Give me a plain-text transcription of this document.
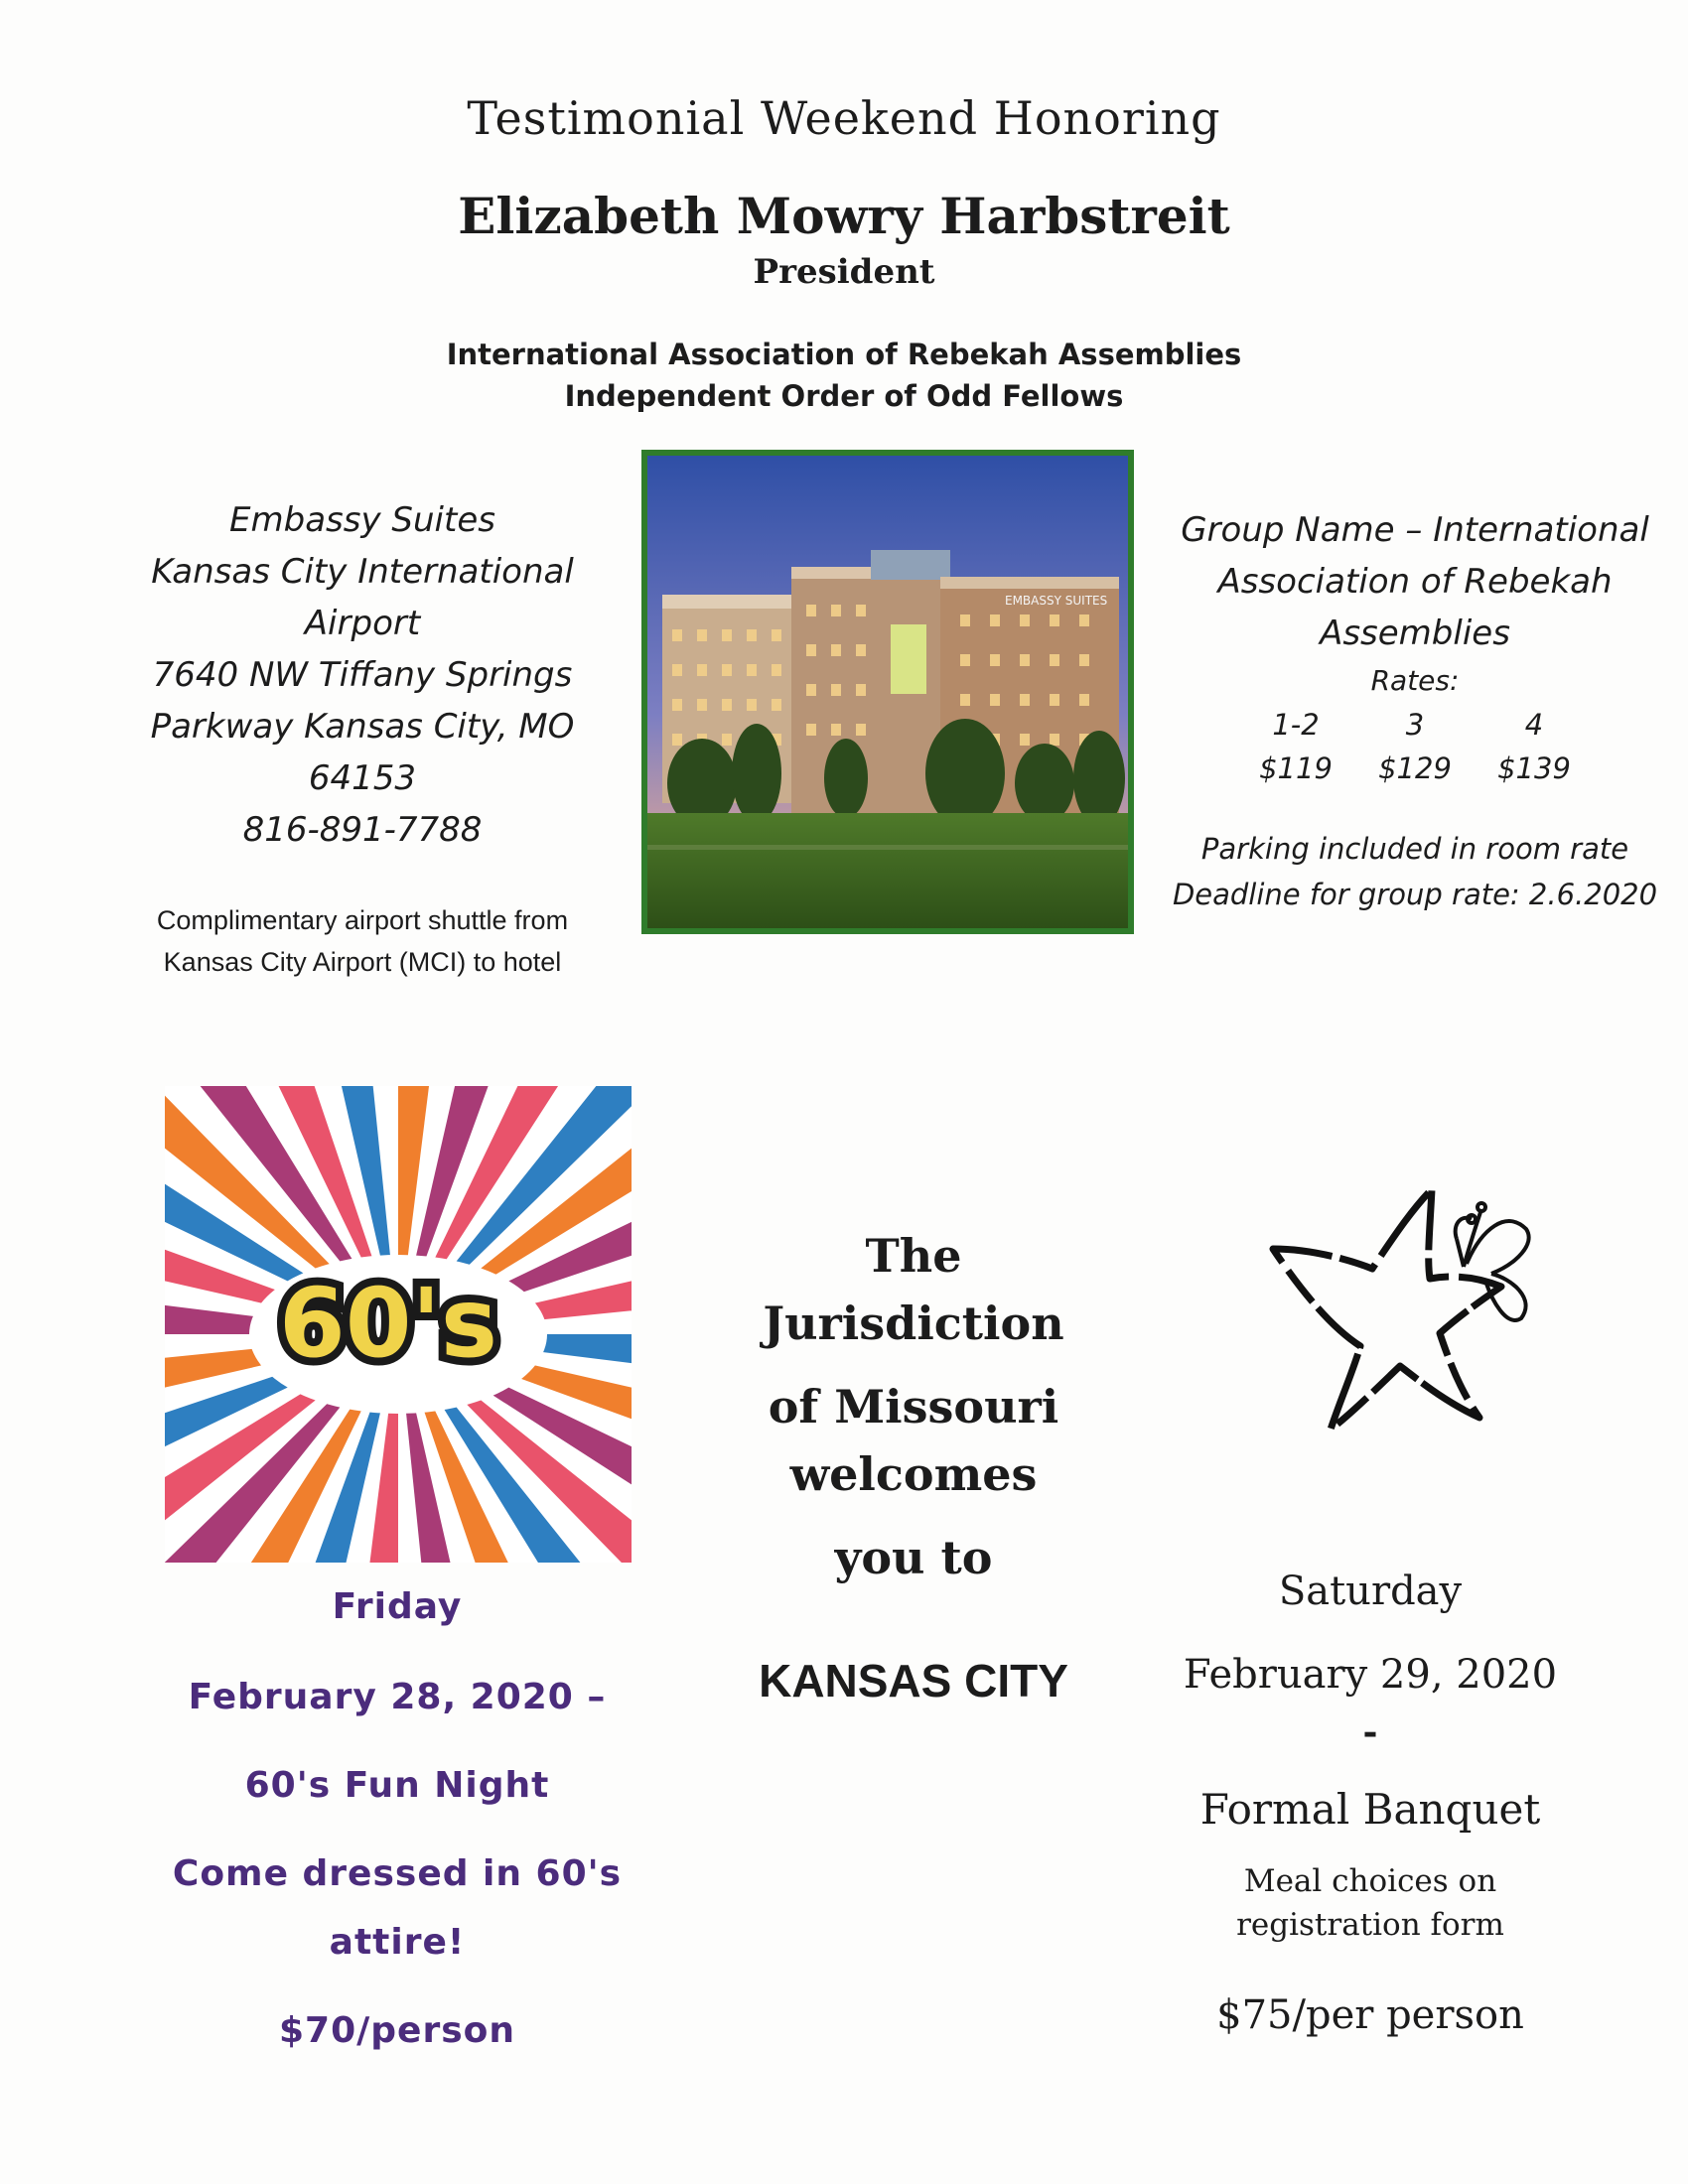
Testimonial Weekend Honoring
Elizabeth Mowry Harbstreit
President
International Association of Rebekah Assemblies
Independent Order of Odd Fellows
Embassy Suites
Kansas City International
Airport
7640 NW Tiffany Springs
Parkway Kansas City, MO
64153
816-891-7788
Complimentary airport shuttle from
Kansas City Airport (MCI) to hotel
EMBASSY SUITES
Group Name – International
Association of Rebekah
Assemblies
Rates:
1-2	3	4
$119 $129 $139
Parking included in room rate
Deadline for group rate: 2.6.2020
60's
Friday
February 28, 2020 –
60's Fun Night
Come dressed in 60's
attire!
$70/person
The
Jurisdiction
of Missouri
welcomes
you to
KANSAS CITY
Saturday
February 29, 2020
-
Formal Banquet
Meal choices on
registration form
$75/per person
